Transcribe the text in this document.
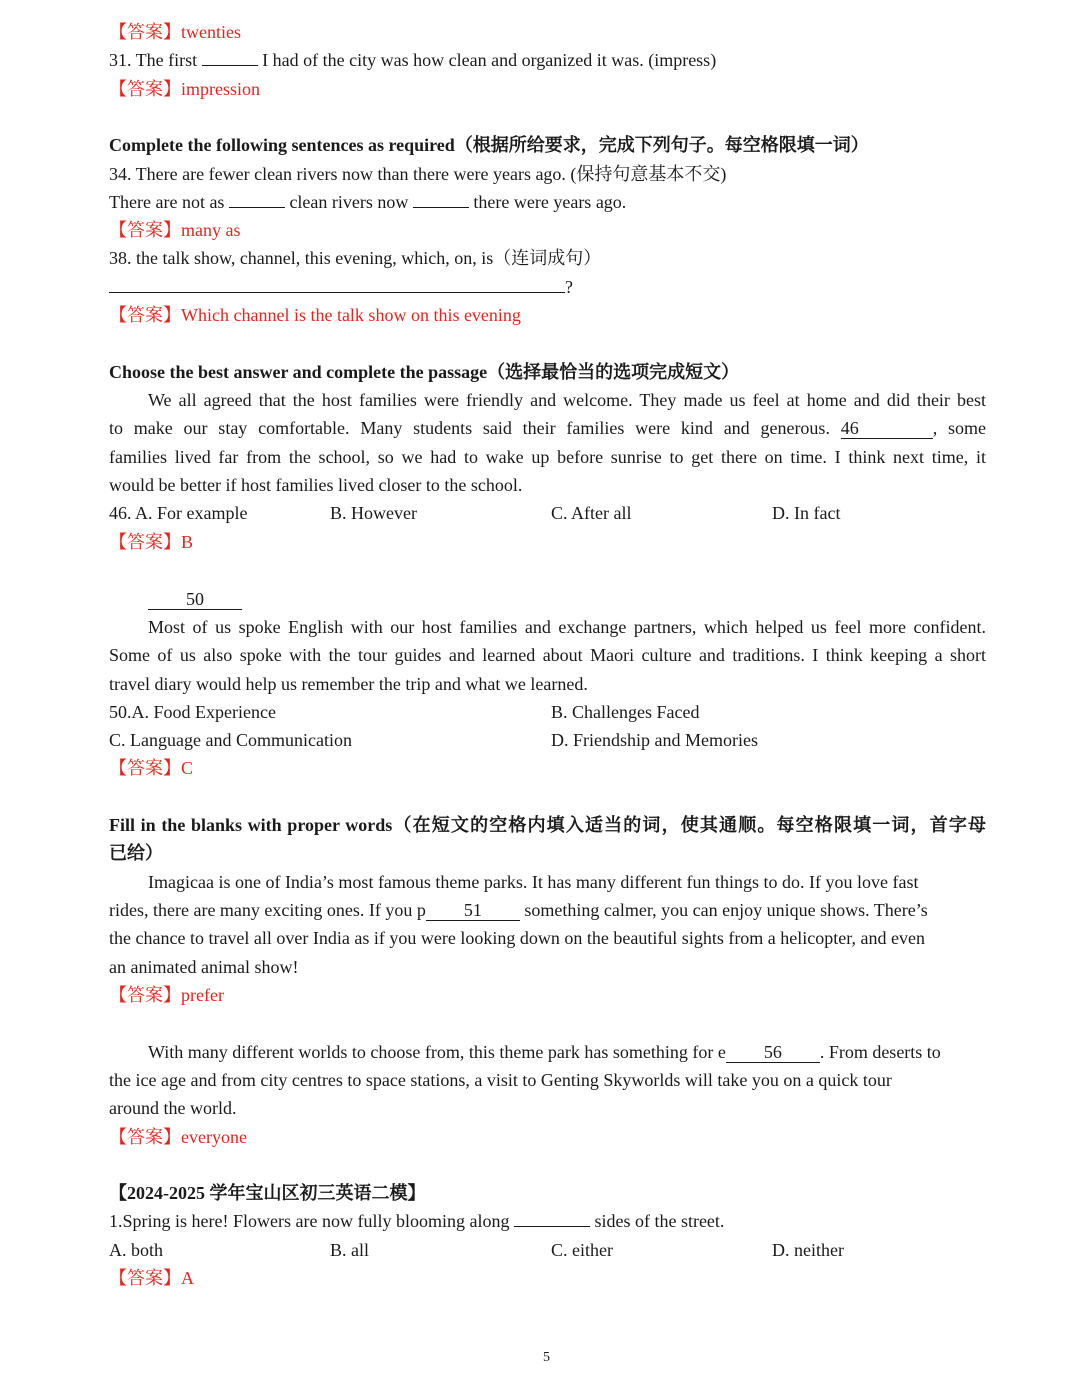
【答案】twenties
31. The first	I had of the city was how clean and organized it was. (impress)
【答案】impression
Complete the following sentences as required（根据所给要求，完成下列句子。每空格限填一词）
34. There are fewer clean rivers now than there were years ago. (保持句意基本不交)
There are not as	clean rivers now	there were years ago.
【答案】many as
38. the talk show, channel, this evening, which, on, is（连词成句）
?
【答案】Which channel is the talk show on this evening
Choose the best answer and complete the passage（选择最恰当的选项完成短文）
We all agreed that the host families were friendly and welcome. They made us feel at home and did their best
to make our stay comfortable. Many students said their families were kind and generous. 46	, some
families lived far from the school, so we had to wake up before sunrise to get there on time. I think next time, it
would be better if host families lived closer to the school.
46. A. For example	B. However	C. After all	D. In fact
【答案】B
50
Most of us spoke English with our host families and exchange partners, which helped us feel more confident.
Some of us also spoke with the tour guides and learned about Maori culture and traditions. I think keeping a short
travel diary would help us remember the trip and what we learned.
50.A. Food Experience	B. Challenges Faced
C. Language and Communication	D. Friendship and Memories
【答案】C
Fill in the blanks with proper words（在短文的空格内填入适当的词，使其通顺。每空格限填一词，首字母
已给）
Imagicaa is one of India’s most famous theme parks. It has many different fun things to do. If you love fast
rides, there are many exciting ones. If you p 51 something calmer, you can enjoy unique shows. There’s
the chance to travel all over India as if you were looking down on the beautiful sights from a helicopter, and even
an animated animal show!
【答案】prefer
With many different worlds to choose from, this theme park has something for e 56 . From deserts to
the ice age and from city centres to space stations, a visit to Genting Skyworlds will take you on a quick tour
around the world.
【答案】everyone
【2024-2025 学年宝山区初三英语二模】
1.Spring is here! Flowers are now fully blooming along	sides of the street.
A. both	B. all	C. either	D. neither
【答案】A
5
